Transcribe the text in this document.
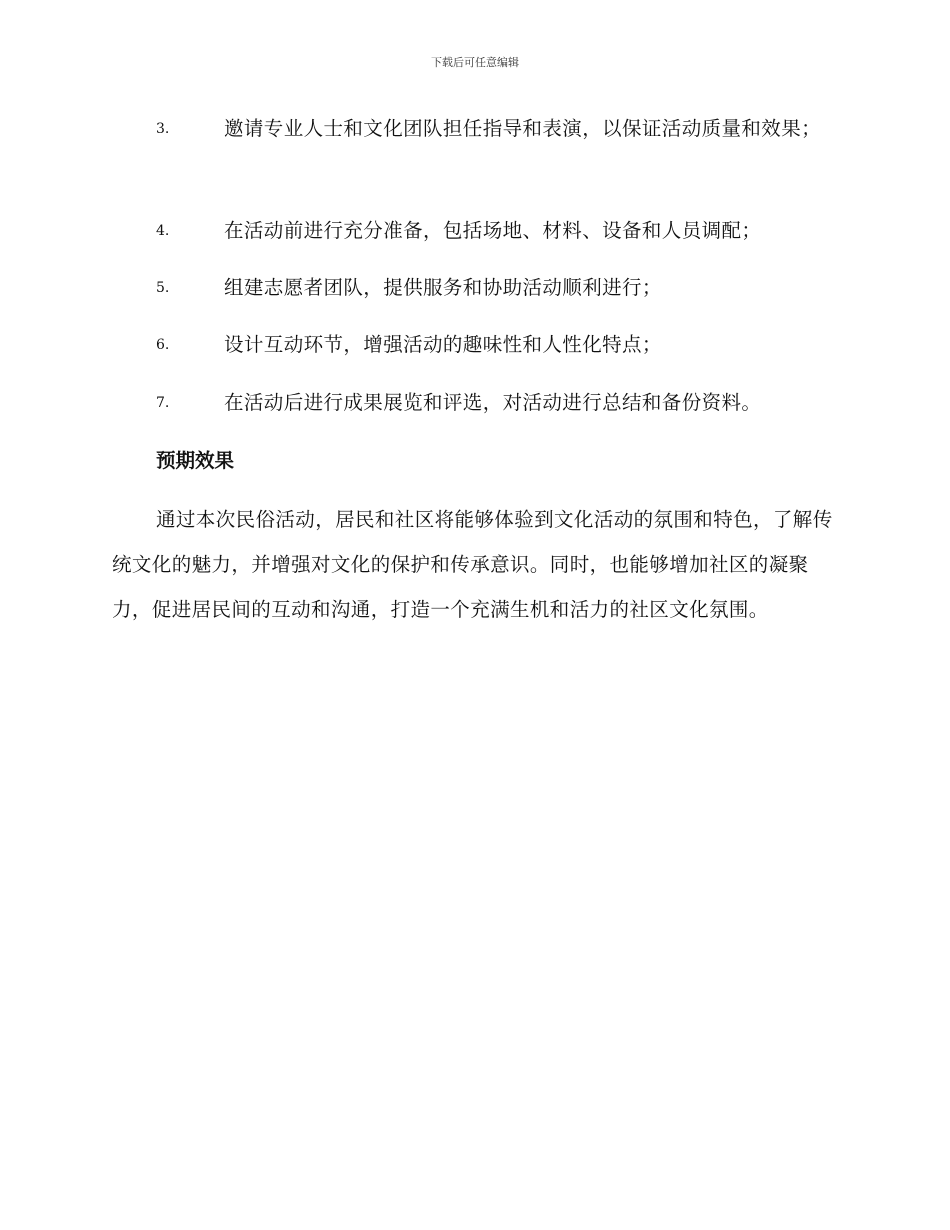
下载后可任意编辑
3.	邀请专业人士和文化团队担任指导和表演，以保证活动质量和效果；
4.	在活动前进行充分准备，包括场地、材料、设备和人员调配；
5.	组建志愿者团队，提供服务和协助活动顺利进行；
6.	设计互动环节，增强活动的趣味性和人性化特点；
7.	在活动后进行成果展览和评选，对活动进行总结和备份资料。
预期效果
通过本次民俗活动，居民和社区将能够体验到文化活动的氛围和特色，了解传统文化的魅力，并增强对文化的保护和传承意识。同时，也能够增加社区的凝聚力，促进居民间的互动和沟通，打造一个充满生机和活力的社区文化氛围。
